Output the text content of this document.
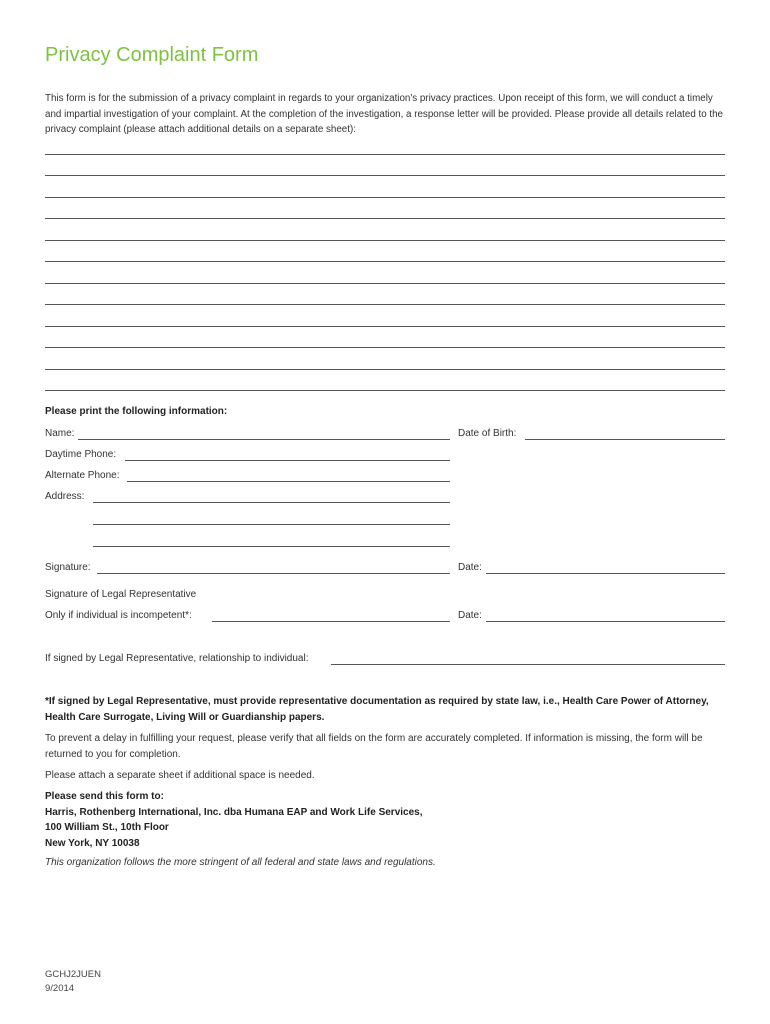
Privacy Complaint Form
This form is for the submission of a privacy complaint in regards to your organization's privacy practices. Upon receipt of this form, we will conduct a timely and impartial investigation of your complaint. At the completion of the investigation, a response letter will be provided. Please provide all details related to the privacy complaint (please attach additional details on a separate sheet):
Please print the following information:
Name:	Date of Birth:
Daytime Phone:
Alternate Phone:
Address:
Signature:	Date:
Signature of Legal Representative
Only if individual is incompetent*:	Date:
If signed by Legal Representative, relationship to individual:
*If signed by Legal Representative, must provide representative documentation as required by state law, i.e., Health Care Power of Attorney, Health Care Surrogate, Living Will or Guardianship papers.
To prevent a delay in fulfilling your request, please verify that all fields on the form are accurately completed. If information is missing, the form will be returned to you for completion.
Please attach a separate sheet if additional space is needed.
Please send this form to:
Harris, Rothenberg International, Inc. dba Humana EAP and Work Life Services,
100 William St., 10th Floor
New York, NY 10038
This organization follows the more stringent of all federal and state laws and regulations.
GCHJ2JUEN
9/2014
